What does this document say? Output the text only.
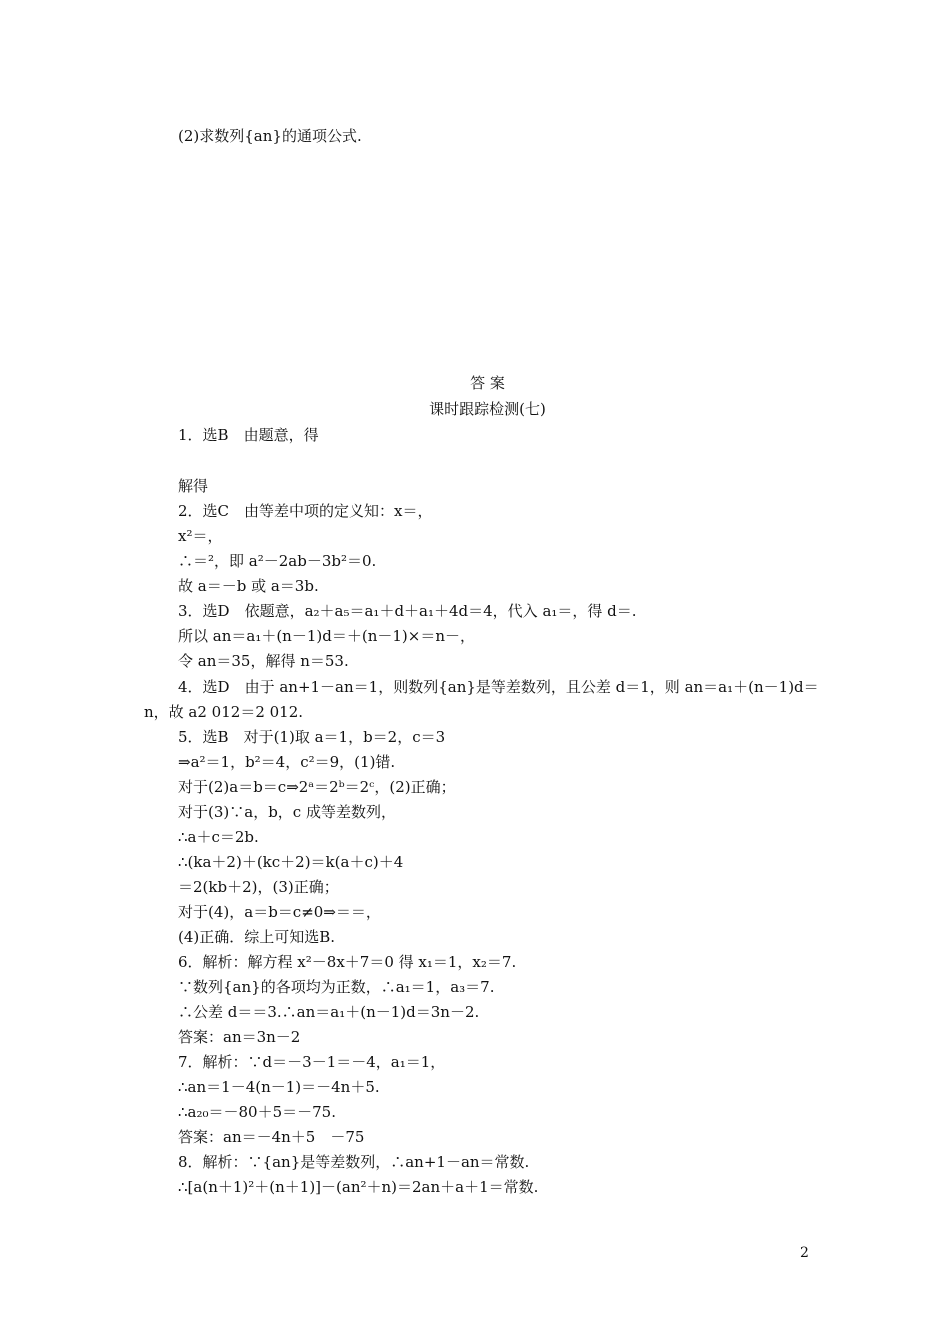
(2)求数列{an}的通项公式.
答 案
课时跟踪检测(七)
1．选B　由题意，得
解得
2．选C　由等差中项的定义知：x＝，
x²＝，
∴＝²，即 a²－2ab－3b²＝0.
故 a＝－b 或 a＝3b.
3．选D　依题意，a₂＋a₅＝a₁＋d＋a₁＋4d＝4，代入 a₁＝，得 d＝.
所以 an＝a₁＋(n－1)d＝＋(n－1)×＝n－，
令 an＝35，解得 n＝53.
4．选D　由于 an+1－an＝1，则数列{an}是等差数列，且公差 d＝1，则 an＝a₁＋(n－1)d＝
n，故 a2 012＝2 012.
5．选B　对于(1)取 a＝1，b＝2，c＝3
⇒a²＝1，b²＝4，c²＝9，(1)错.
对于(2)a＝b＝c⇒2ᵃ＝2ᵇ＝2ᶜ，(2)正确；
对于(3)∵a，b，c 成等差数列，
∴a＋c＝2b.
∴(ka＋2)＋(kc＋2)＝k(a＋c)＋4
＝2(kb＋2)，(3)正确；
对于(4)，a＝b＝c≠0⇒＝＝，
(4)正确．综上可知选B.
6．解析：解方程 x²－8x＋7＝0 得 x₁＝1，x₂＝7.
∵数列{an}的各项均为正数，∴a₁＝1，a₃＝7.
∴公差 d＝＝3.∴an＝a₁＋(n－1)d＝3n－2.
答案：an＝3n－2
7．解析：∵d＝－3－1＝－4，a₁＝1，
∴an＝1－4(n－1)＝－4n＋5.
∴a₂₀＝－80＋5＝－75.
答案：an＝－4n＋5　－75
8．解析：∵{an}是等差数列，∴an+1－an＝常数.
∴[a(n＋1)²＋(n＋1)]－(an²＋n)＝2an＋a＋1＝常数.
2
